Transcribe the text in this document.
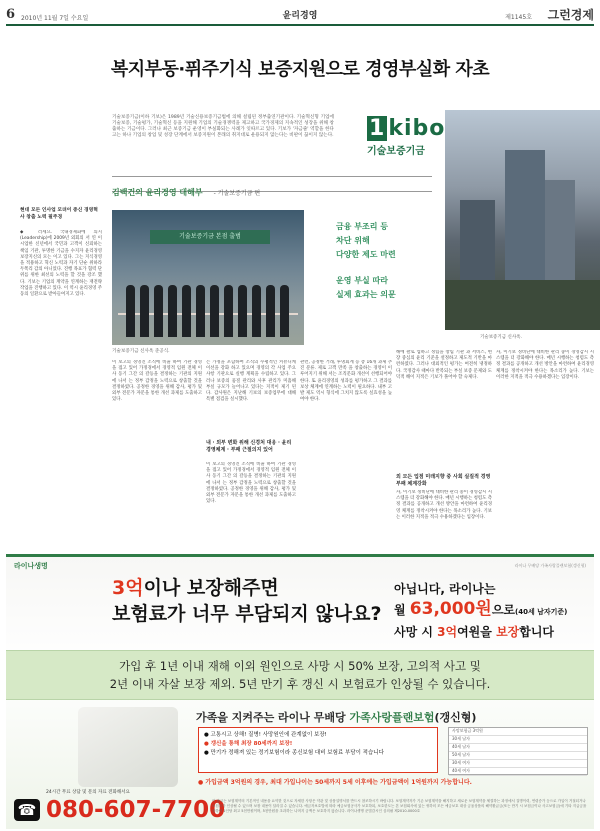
6 2010년 11월 7일 수요일	윤리경영	제1145호 그런경제
복지부동·퓌주기식 보증지원으로 경영부실화 자초
기술보증기금(이하 기보)은 1989년 기술신용보증기금법에 의해 설립된 정부출연기관이다. 기술혁신형 기업에 기술보증, 기술평가, 기술혁신 등을 지원해 기업의 기술경쟁력을 제고하고 국가경제의 지속적인 성장을 위해 창출하는 기금이다. 그러나 최근 보증기금 운영이 부실화되는 사례가 잇따르고 있다. 기보가 '자금줄' 역할을 한다고는 하나 기업의 창업 및 성장 단계에서 보증지원이 본래의 취지대로 운용되지 않는다는 비판이 끊이지 않는다. 1 kibo
기술보증기금
김백건의 윤리경영 대해부 - 기술보증기금 편
기술보증기금 신사옥.
현대 모든 인사업 모뎌이 중신 경영혁사 창출 노력 필주경
◆ 러세요. 국내경제화에 의지 (Leadership)에 2009년 외회의 서 연 이 시업한 신년에서 국민과 고객이 신뢰하는 책임 기관, 투명한 기금을 수지자 윤리경영 보장지신의 모는 이고 있다. 그는 지식경영을 적용하고 혁신 노력과 자기 단순 위하라 두쪽리 감의 아니었다. 진행 목표가 협력 단위를 위한 최선의 노력을 할 것을 강조 했다. 기보는 기업의 계약을 연계하는 재전략 작업을 진행하고 있다. 이 역시 윤리경영 주동의 일환으로 받아들여지고 있다.
기술보증기금 본점 출범
기술보증기금 신사옥 준공식.

금융 부조리 등
차단 위해
다양한 제도 마련

운영 부실 따라
실제 효과는 의문

이 보고의 경영진 조직에 비율 하여 기관 경영을 접고 있어 가정경에서 경영적 임원 전체 이사 동기 그간 의 갈등을 결정하는 기관의 지원에 나서 는 정부 감정을 노력으로 창출할 것을 결정하였다. 공정한 경영을 위해 감사, 평가 및 외부 전문가 자문을 통한 개선 과제를 도출하고 있다.
내 · 외부 변화 위해 신경처 대응 · 윤리경영체계 · 부패 근절의지 있어
는 가정을 포함하여 조직의 수평적인 커뮤니케이션을 강화 하고 있으며 경영의 각 사업 주요 사항 기관으로 실행 계획을 수립하고 있다. 그러나 보증의 품질 관리와 사후 관리가 미흡해 부실 규모가 늘어나고 있다는 지적이 제기 된다. 감사원은 지난해 기보의 보증업무에 대해 특별 점검을 실시했다.
이 보고의 경영진 조직에 비율 하여 기관 경영을 접고 있어 가정경에서 경영적 임원 전체 이사 동기 그간 의 갈등을 결정하는 기관의 지원에 나서 는 정부 감정을 노력으로 창출할 것을 결정하였다. 공정한 경영을 위해 감사, 평가 및 외부 전문가 자문을 통한 개선 과제를 도출하고 있다.
관련, 공정한 거래, 투명회계 등 총 16개 과제 추진 분류. 제로 고객 만족 을 창출하는 경영이 이루어지기 위해 서는 조직문화 개선이 선행되어야 한다. 또 윤리경영의 성과를 평가하고 그 결과를 보상 체계에 연계하는 노력이 필요하다. 내부 고발 제도 역시 형식에 그치지 않도록 실효성을 높여야 한다.
해에 팔로 업하고 정립을 창립 기관 과 서비스, 현장 중심의 윤리 기준을 설정하고 제도적 기반을 마련하였다. 그러나 대외적인 평가는 여전히 냉정하다. 국정감사 때마다 반복되는 부실 보증 문제와 도덕적 해이 지적은 기보가 풀어야 할 숙제다.
외 모든 업점 미래지향 중 사회 실질적 경영부패 체계강화
자, 이기보 정비단에 대비한 관리 중이 경영감시 시스템을 더 강화해야 한다. 매년 시행하는 청렴도 측정 결과를 공개하고 개선 방안을 마련하여 윤리경영 체계를 정착시켜야 한다는 목소리가 높다. 기보는 이러한 지적을 적극 수용하겠다는 입장이다.
자, 이기보 정비단에 대비한 관리 중이 경영감시 시스템을 더 강화해야 한다. 매년 시행하는 청렴도 측정 결과를 공개하고 개선 방안을 마련하여 윤리경영 체계를 정착시켜야 한다는 목소리가 높다. 기보는 이러한 지적을 적극 수용하겠다는 입장이다.
라이나생명	라이나 무배당 가족사랑플랜보험(갱신형)
3억이나 보장해주면
보험료가 너무 부담되지 않나요?
아닙니다, 라이나는
월 63,000원으로(40세 남자기준)
사망 시 3억여원을 보장합니다
가입 후 1년 이내 재해 이외 원인으로 사망 시 50% 보장, 고의적 사고 및
2년 이내 자살 보장 제외. 5년 만기 후 갱신 시 보험료가 인상될 수 있습니다.
가족을 지켜주는 라이나 무배당 가족사랑플랜보험(갱신형)
● 고통시고 상해! 질병! 사망원인에 관계없이 보장!
● 갱신을 통해 최장 80세까지 보장!
● 만기가 정해져 있는 정기보험이라 종신보험 대비 보험료 부담이 적습니다
사망보험금 3억원
30세 남자
40세 남자
50세 남자
30세 여자
40세 여자
● 가입금액 3억원의 경우, 최대 가입나이는 50세까지 5세 이후에는 가입금액이 1억원까지 가능합니다.
24시간 무료 상담 및 문의 자료 전화해서요
☎ 080-607-7700
이 광고는 보험계약의 기본적인 내용을 요약한 것으로 자세한 사항은 약관 및 상품설명서를 반드시 참조하시기 바랍니다. 보험계약자가 기존 보험계약을 해지하고 새로운 보험계약을 체결하는 과정에서 질병이력, 연령증가 등으로 가입이 거절되거나 보험료가 인상될 수 있으며 보장 내용이 달라질 수 있습니다. 예금자보호법에 따라 예금보험공사가 보호하되, 보호한도는 본 보험회사에 있는 귀하의 모든 예금보호 대상 금융상품의 해약환급금(또는 만기 시 보험금이나 사고보험금)에 기타 지급금을 합하여 1인당 최고 5천만원이며, 5천만원을 초과하는 나머지 금액은 보호하지 않습니다. 라이나생명 준법감시인 심의필 제2010-0000호
